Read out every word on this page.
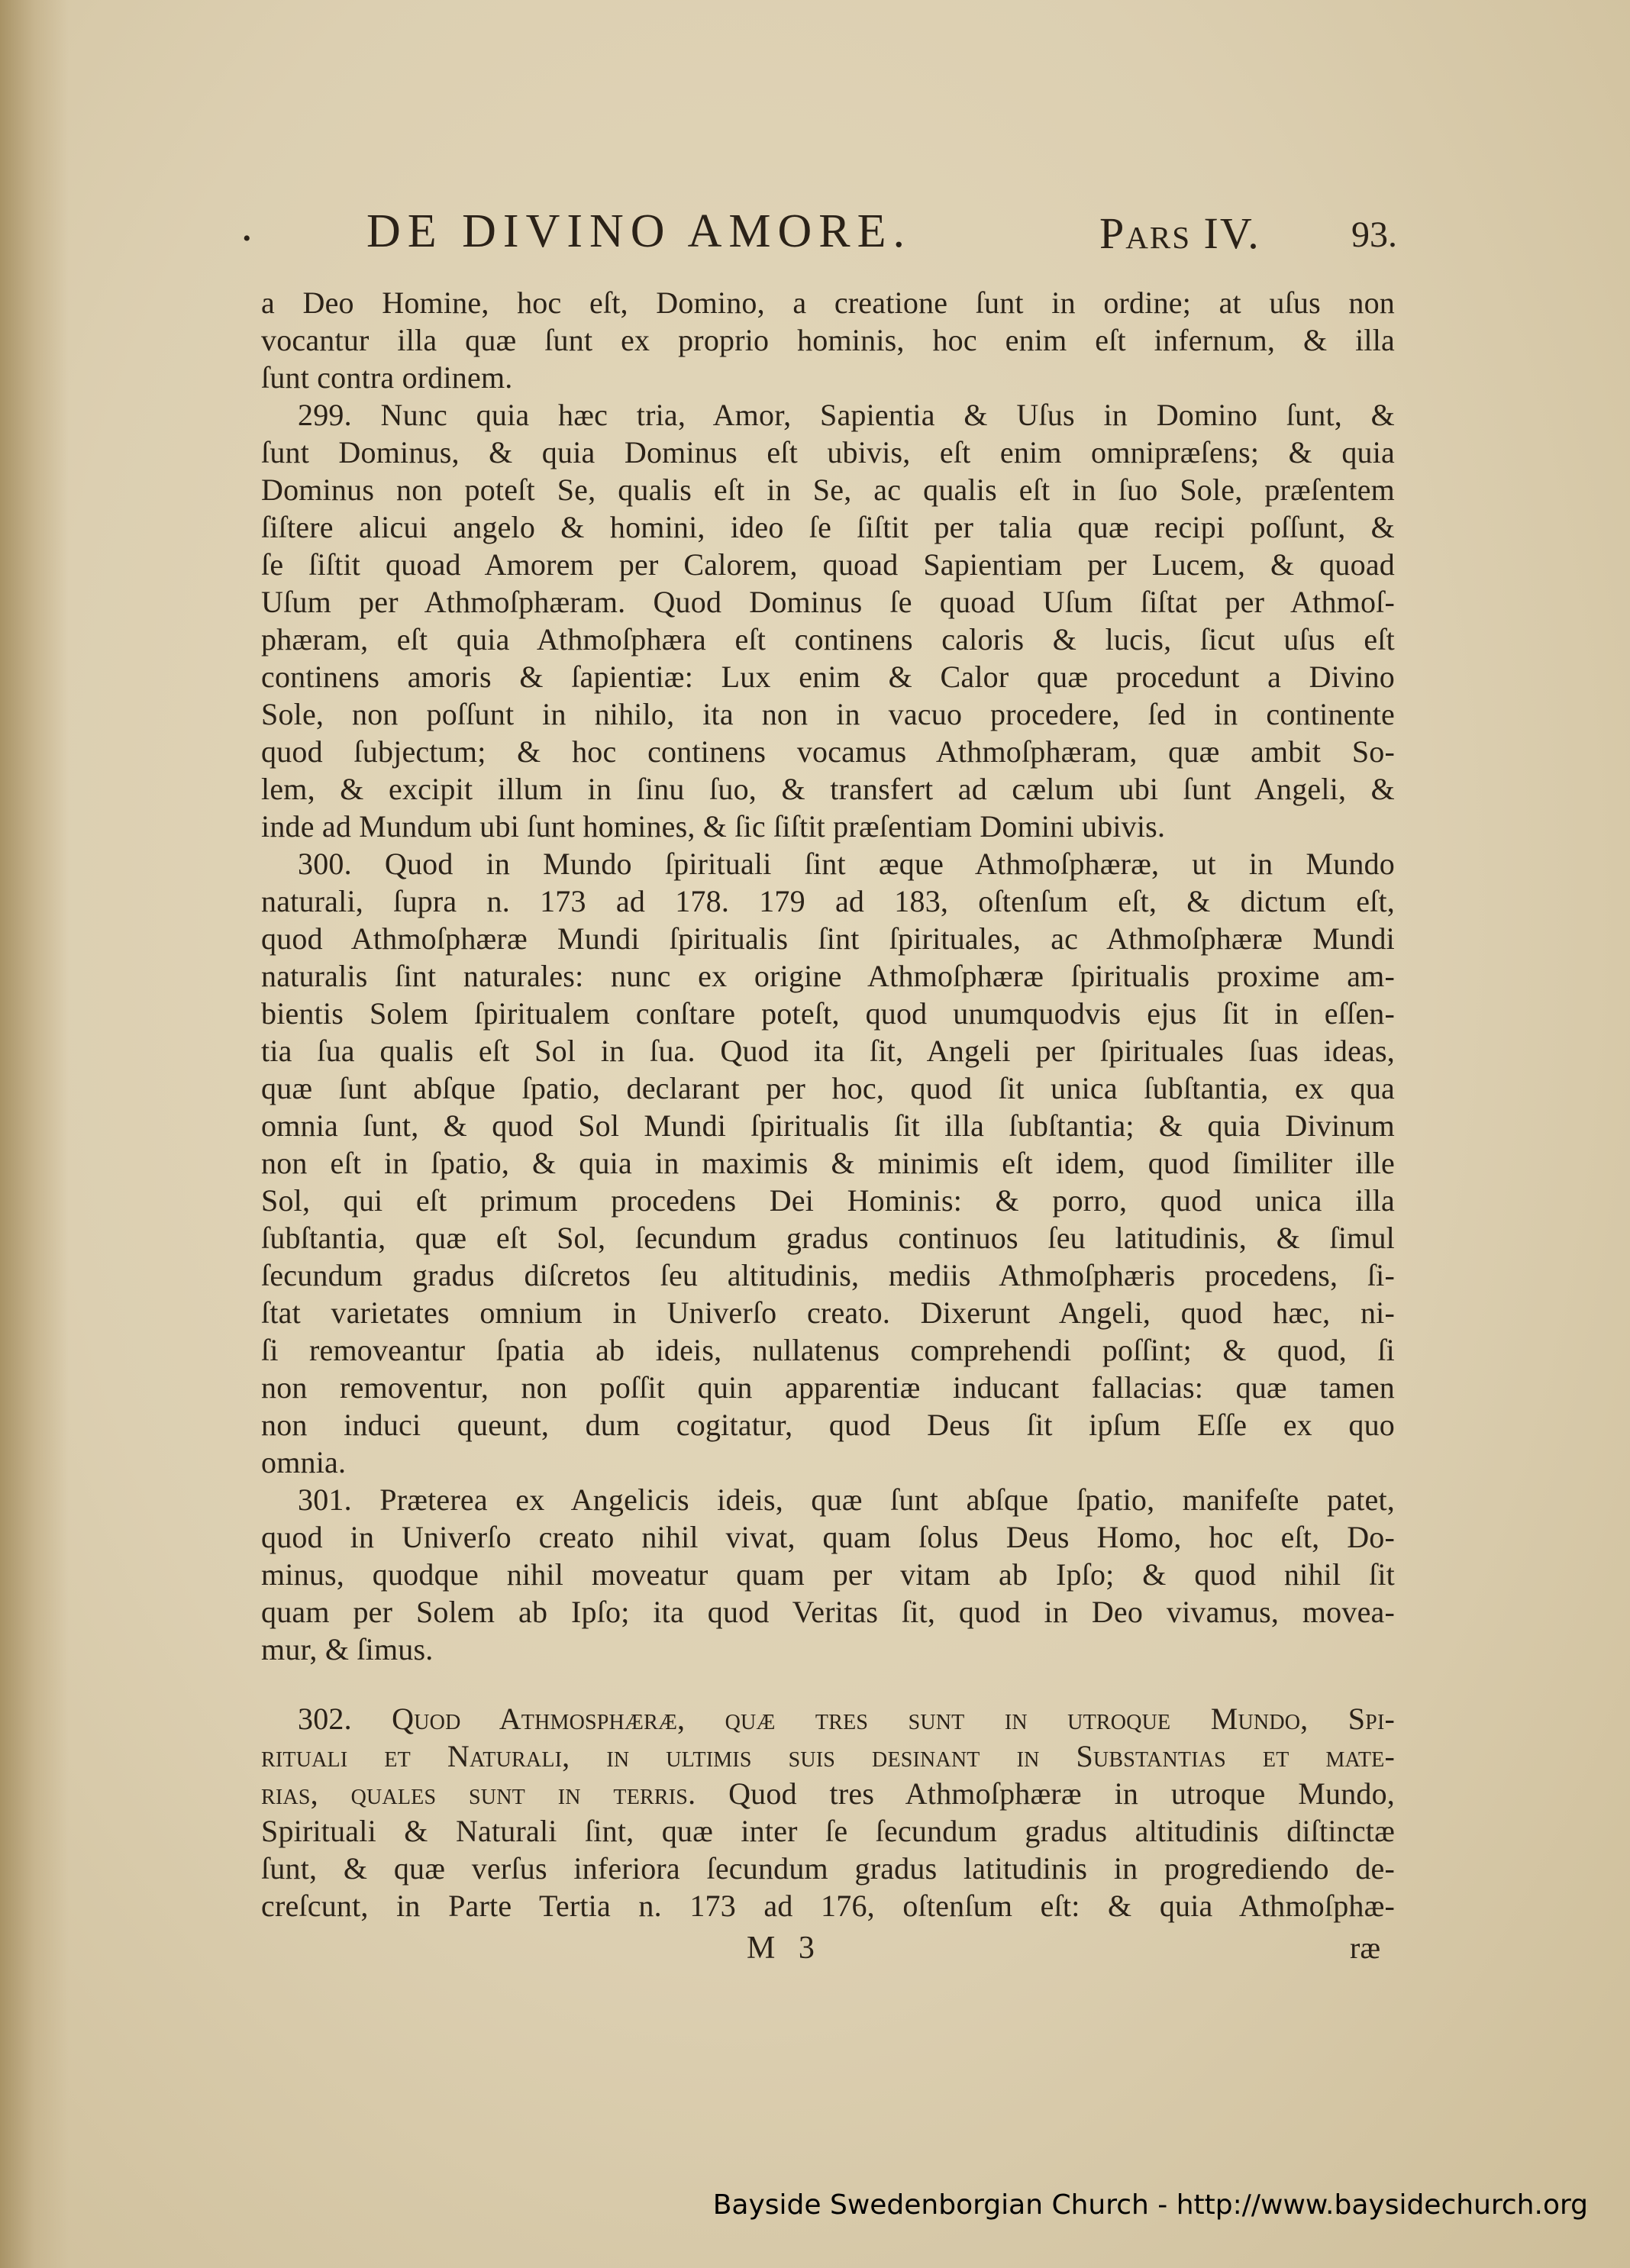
• DE DIVINO AMORE.	Pars IV. 93.
a Deo Homine, hoc eſt, Domino, a creatione ſunt in ordine; at uſus non
vocantur illa quæ ſunt ex proprio hominis, hoc enim eſt infernum, & illa
ſunt contra ordinem.
299. Nunc quia hæc tria, Amor, Sapientia & Uſus in Domino ſunt, &
ſunt Dominus, & quia Dominus eſt ubivis, eſt enim omnipræſens; & quia
Dominus non poteſt Se, qualis eſt in Se, ac qualis eſt in ſuo Sole, præſentem
ſiſtere alicui angelo & homini, ideo ſe ſiſtit per talia quæ recipi poſſunt, &
ſe ſiſtit quoad Amorem per Calorem, quoad Sapientiam per Lucem, & quoad
Uſum per Athmoſphæram. Quod Dominus ſe quoad Uſum ſiſtat per Athmoſ-
phæram, eſt quia Athmoſphæra eſt continens caloris & lucis, ſicut uſus eſt
continens amoris & ſapientiæ: Lux enim & Calor quæ procedunt a Divino
Sole, non poſſunt in nihilo, ita non in vacuo procedere, ſed in continente
quod ſubjectum; & hoc continens vocamus Athmoſphæram, quæ ambit So-
lem, & excipit illum in ſinu ſuo, & transfert ad cælum ubi ſunt Angeli, &
inde ad Mundum ubi ſunt homines, & ſic ſiſtit præſentiam Domini ubivis.
300. Quod in Mundo ſpirituali ſint æque Athmoſphæræ, ut in Mundo
naturali, ſupra n. 173 ad 178. 179 ad 183, oſtenſum eſt, & dictum eſt,
quod Athmoſphæræ Mundi ſpiritualis ſint ſpirituales, ac Athmoſphæræ Mundi
naturalis ſint naturales: nunc ex origine Athmoſphæræ ſpiritualis proxime am-
bientis Solem ſpiritualem conſtare poteſt, quod unumquodvis ejus ſit in eſſen-
tia ſua qualis eſt Sol in ſua. Quod ita ſit, Angeli per ſpirituales ſuas ideas,
quæ ſunt abſque ſpatio, declarant per hoc, quod ſit unica ſubſtantia, ex qua
omnia ſunt, & quod Sol Mundi ſpiritualis ſit illa ſubſtantia; & quia Divinum
non eſt in ſpatio, & quia in maximis & minimis eſt idem, quod ſimiliter ille
Sol, qui eſt primum procedens Dei Hominis: & porro, quod unica illa
ſubſtantia, quæ eſt Sol, ſecundum gradus continuos ſeu latitudinis, & ſimul
ſecundum gradus diſcretos ſeu altitudinis, mediis Athmoſphæris procedens, ſi-
ſtat varietates omnium in Univerſo creato. Dixerunt Angeli, quod hæc, ni-
ſi removeantur ſpatia ab ideis, nullatenus comprehendi poſſint; & quod, ſi
non removentur, non poſſit quin apparentiæ inducant fallacias: quæ tamen
non induci queunt, dum cogitatur, quod Deus ſit ipſum Eſſe ex quo
omnia.
301. Præterea ex Angelicis ideis, quæ ſunt abſque ſpatio, manifeſte patet,
quod in Univerſo creato nihil vivat, quam ſolus Deus Homo, hoc eſt, Do-
minus, quodque nihil moveatur quam per vitam ab Ipſo; & quod nihil ſit
quam per Solem ab Ipſo; ita quod Veritas ſit, quod in Deo vivamus, movea-
mur, & ſimus.
302. Quod Athmosphæræ, quæ tres sunt in utroque Mundo, Spi-
rituali et Naturali, in ultimis suis desinant in Substantias et mate-
rias, quales sunt in terris. Quod tres Athmoſphæræ in utroque Mundo,
Spirituali & Naturali ſint, quæ inter ſe ſecundum gradus altitudinis diſtinctæ
ſunt, & quæ verſus inferiora ſecundum gradus latitudinis in progrediendo de-
creſcunt, in Parte Tertia n. 173 ad 176, oſtenſum eſt: & quia Athmoſphæ-
M 3	ræ
Bayside Swedenborgian Church - http://www.baysidechurch.org
